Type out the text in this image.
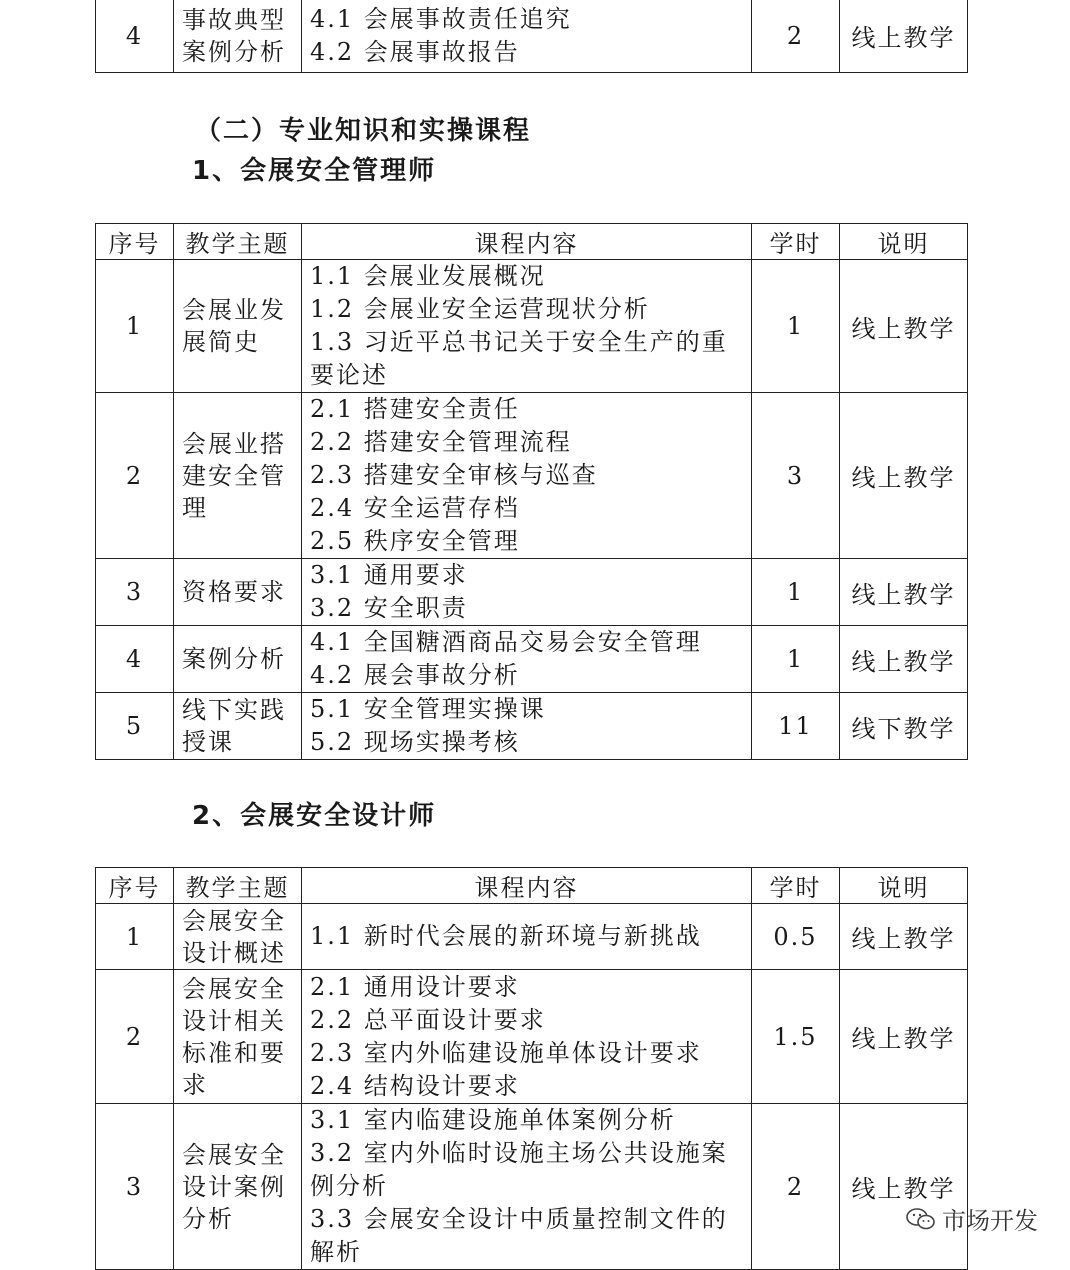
4	事故典型案例分析	
4.1 会展事故责任追究
4.2 会展事故报告
	2	线上教学
（二）专业知识和实操课程
1、会展安全管理师
序号	教学主题	课程内容	学时	说明
1	会展业发展简史	1.1 会展业发展概况
1.2 会展业安全运营现状分析
1.3 习近平总书记关于安全生产的重要论述	1	线上教学
2	会展业搭建安全管理	2.1 搭建安全责任
2.2 搭建安全管理流程
2.3 搭建安全审核与巡查
2.4 安全运营存档
2.5 秩序安全管理	3	线上教学
3	资格要求	3.1 通用要求
3.2 安全职责	1	线上教学
4	案例分析	4.1 全国糖酒商品交易会安全管理
4.2 展会事故分析	1	线上教学
5	线下实践授课	5.1 安全管理实操课
5.2 现场实操考核	11	线下教学
2、会展安全设计师
序号	教学主题	课程内容	学时	说明
1	会展安全设计概述	1.1 新时代会展的新环境与新挑战	0.5	线上教学
2	会展安全设计相关标准和要求	2.1 通用设计要求
2.2 总平面设计要求
2.3 室内外临建设施单体设计要求
2.4 结构设计要求	1.5	线上教学
3	会展安全设计案例分析	3.1 室内临建设施单体案例分析
3.2 室内外临时设施主场公共设施案例分析
3.3 会展安全设计中质量控制文件的解析	2	线上教学
市场开发
